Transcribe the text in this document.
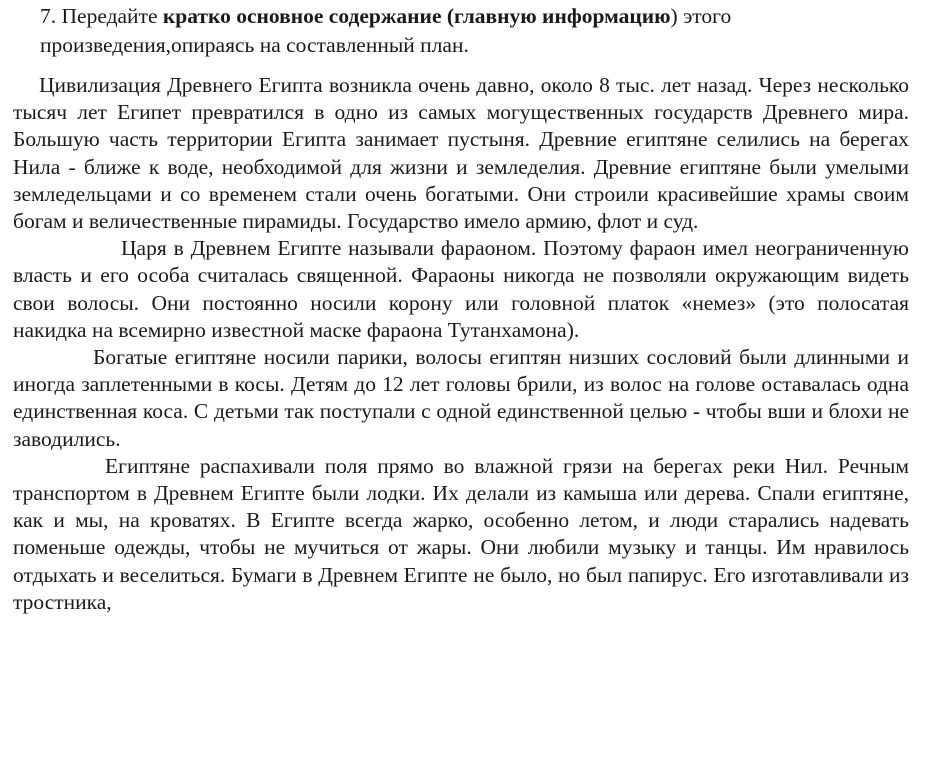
7. Передайте кратко основное содержание (главную информацию) этого произведения,опираясь на составленный план.

Цивилизация Древнего Египта возникла очень давно, около 8 тыс. лет назад. Через несколько тысяч лет Египет превратился в одно из самых могущественных государств Древнего мира. Большую часть территории Египта занимает пустыня. Древние египтяне селились на берегах Нила - ближе к воде, необходимой для жизни и земледелия. Древние египтяне были умелыми земледельцами и со временем стали очень богатыми. Они строили красивейшие храмы своим богам и величественные пирамиды. Государство имело армию, флот и суд.

Царя в Древнем Египте называли фараоном. Поэтому фараон имел неограниченную власть и его особа считалась священной. Фараоны никогда не позволяли окружающим видеть свои волосы. Они постоянно носили корону или головной платок «немез» (это полосатая накидка на всемирно известной маске фараона Тутанхамона).

Богатые египтяне носили парики, волосы египтян низших сословий были длинными и иногда заплетенными в косы. Детям до 12 лет головы брили, из волос на голове оставалась одна единственная коса. С детьми так поступали с одной единственной целью - чтобы вши и блохи не заводились.

Египтяне распахивали поля прямо во влажной грязи на берегах реки Нил. Речным транспортом в Древнем Египте были лодки. Их делали из камыша или дерева. Спали египтяне, как и мы, на кроватях. В Египте всегда жарко, особенно летом, и люди старались надевать поменьше одежды, чтобы не мучиться от жары. Они любили музыку и танцы. Им нравилось отдыхать и веселиться. Бумаги в Древнем Египте не было, но был папирус. Его изготавливали из тростника,
